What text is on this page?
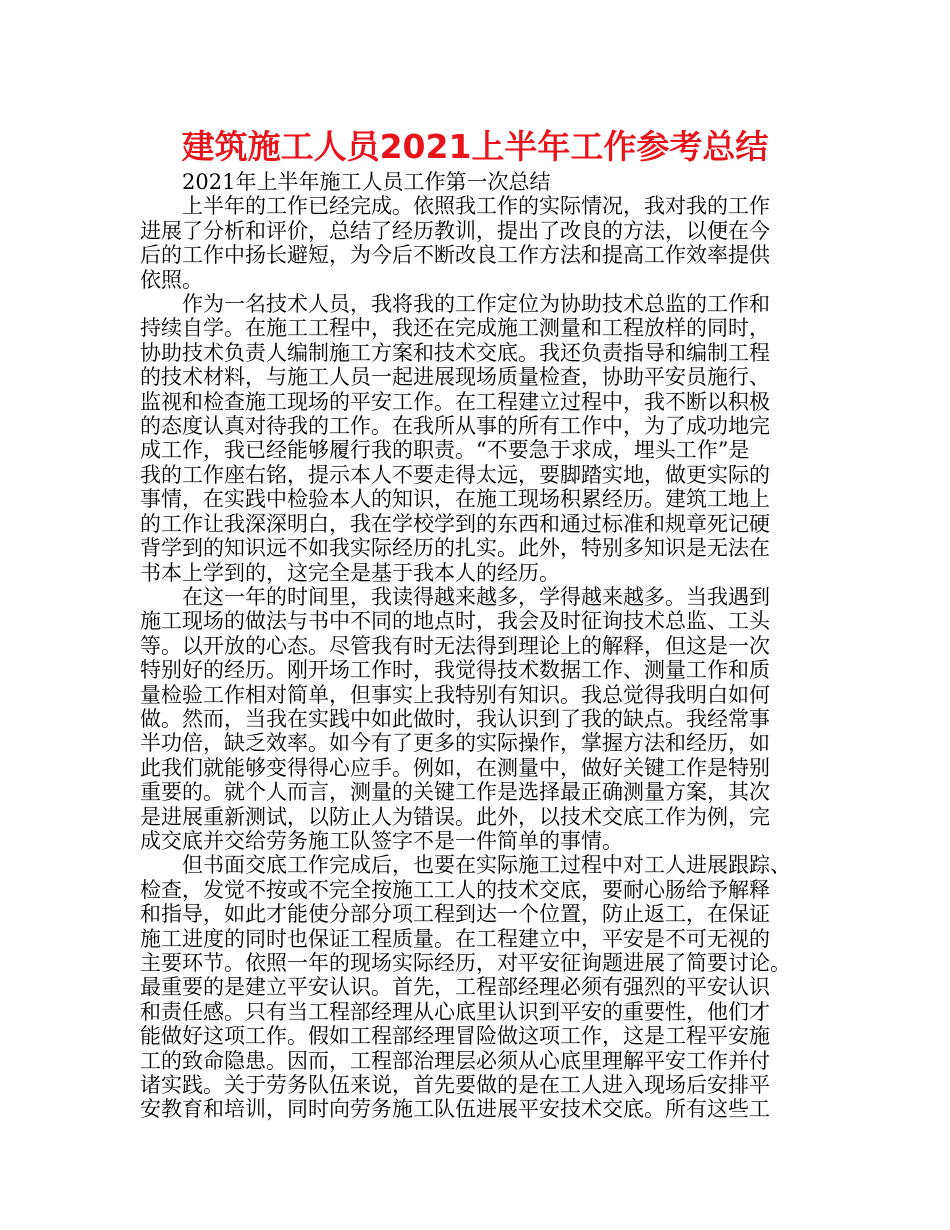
建筑施工人员2021上半年工作参考总结

2021年上半年施工人员工作第一次总结

上半年的工作已经完成。依照我工作的实际情况，我对我的工作
进展了分析和评价，总结了经历教训，提出了改良的方法，以便在今
后的工作中扬长避短，为今后不断改良工作方法和提高工作效率提供
依照。

作为一名技术人员，我将我的工作定位为协助技术总监的工作和
持续自学。在施工工程中，我还在完成施工测量和工程放样的同时，
协助技术负责人编制施工方案和技术交底。我还负责指导和编制工程
的技术材料，与施工人员一起进展现场质量检查，协助平安员施行、
监视和检查施工现场的平安工作。在工程建立过程中，我不断以积极
的态度认真对待我的工作。在我所从事的所有工作中，为了成功地完
成工作，我已经能够履行我的职责。“不要急于求成，埋头工作”是
我的工作座右铭，提示本人不要走得太远，要脚踏实地，做更实际的
事情，在实践中检验本人的知识，在施工现场积累经历。建筑工地上
的工作让我深深明白，我在学校学到的东西和通过标准和规章死记硬
背学到的知识远不如我实际经历的扎实。此外，特别多知识是无法在
书本上学到的，这完全是基于我本人的经历。

在这一年的时间里，我读得越来越多，学得越来越多。当我遇到
施工现场的做法与书中不同的地点时，我会及时征询技术总监、工头
等。以开放的心态。尽管我有时无法得到理论上的解释，但这是一次
特别好的经历。刚开场工作时，我觉得技术数据工作、测量工作和质
量检验工作相对简单，但事实上我特别有知识。我总觉得我明白如何
做。然而，当我在实践中如此做时，我认识到了我的缺点。我经常事
半功倍，缺乏效率。如今有了更多的实际操作，掌握方法和经历，如
此我们就能够变得得心应手。例如，在测量中，做好关键工作是特别
重要的。就个人而言，测量的关键工作是选择最正确测量方案，其次
是进展重新测试，以防止人为错误。此外，以技术交底工作为例，完
成交底并交给劳务施工队签字不是一件简单的事情。

但书面交底工作完成后，也要在实际施工过程中对工人进展跟踪、
检查，发觉不按或不完全按施工工人的技术交底，要耐心肠给予解释
和指导，如此才能使分部分项工程到达一个位置，防止返工，在保证
施工进度的同时也保证工程质量。在工程建立中，平安是不可无视的
主要环节。依照一年的现场实际经历，对平安征询题进展了简要讨论。
最重要的是建立平安认识。首先，工程部经理必须有强烈的平安认识
和责任感。只有当工程部经理从心底里认识到平安的重要性，他们才
能做好这项工作。假如工程部经理冒险做这项工作，这是工程平安施
工的致命隐患。因而，工程部治理层必须从心底里理解平安工作并付
诸实践。关于劳务队伍来说，首先要做的是在工人进入现场后安排平
安教育和培训，同时向劳务施工队伍进展平安技术交底。所有这些工
